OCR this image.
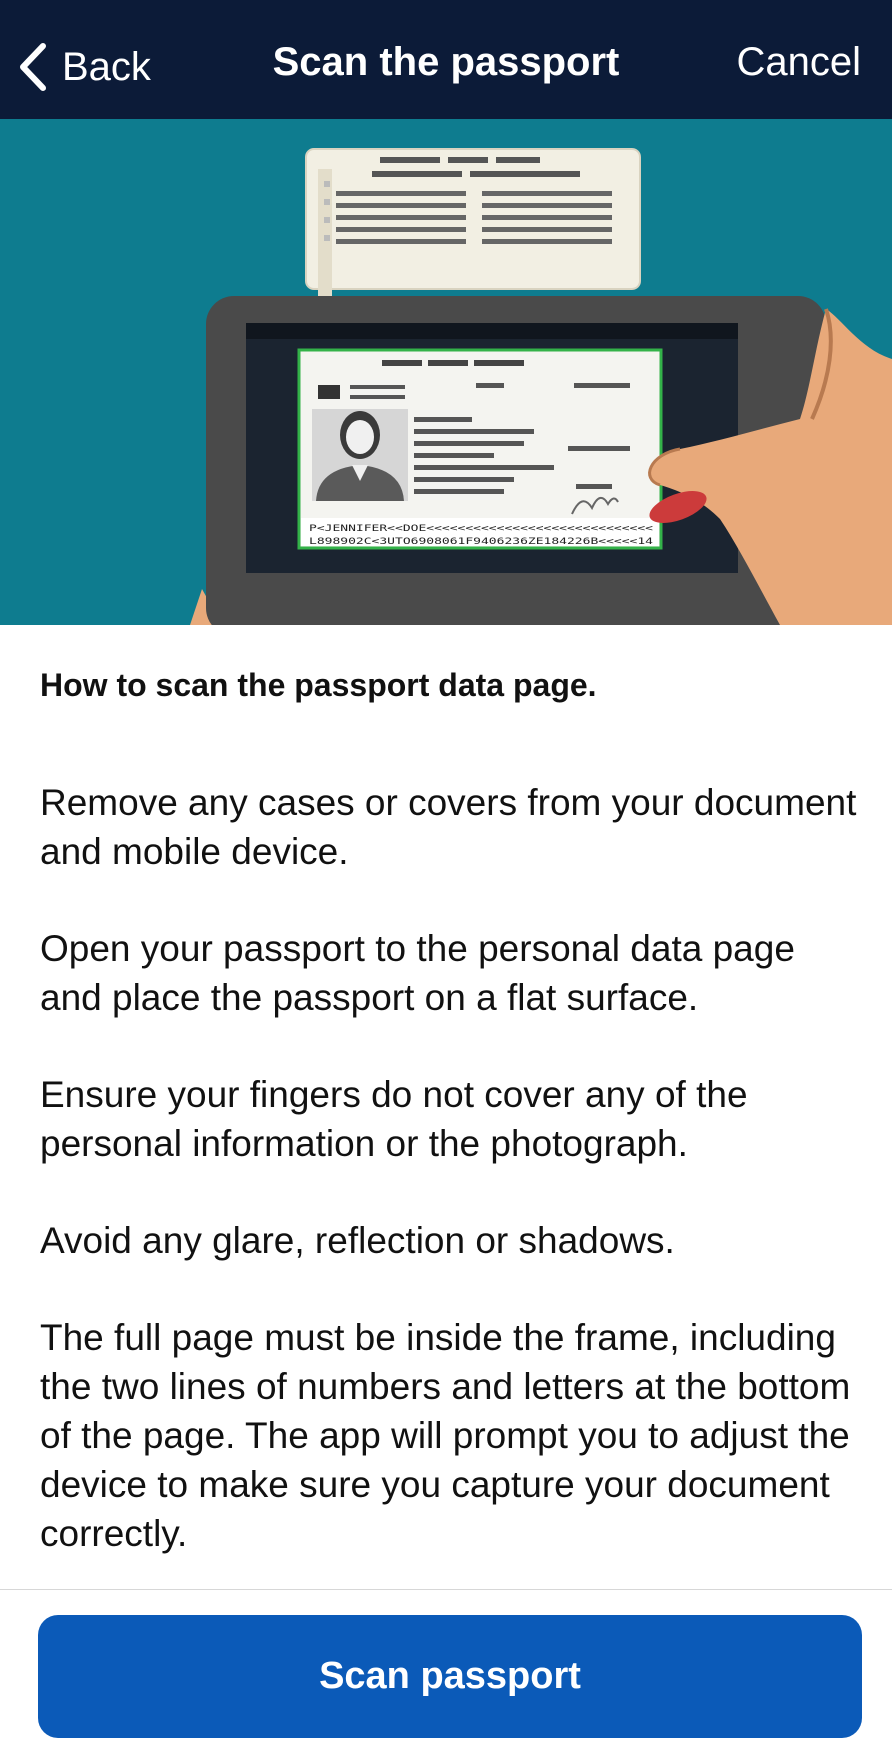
Back	Scan the passport	Cancel
P<JENNIFER<<DOE<<<<<<<<<<<<<<<<<<<<<<<<<<<<<
L898902C<3UTO6908061F9406236ZE184226B<<<<<14

How to scan the passport data page.

Remove any cases or covers from your document and mobile device.

Open your passport to the personal data page and place the passport on a flat surface.

Ensure your fingers do not cover any of the personal information or the photograph.

Avoid any glare, reflection or shadows.

The full page must be inside the frame, including the two lines of numbers and letters at the bottom of the page. The app will prompt you to adjust the device to make sure you capture your document correctly.

Scan passport
